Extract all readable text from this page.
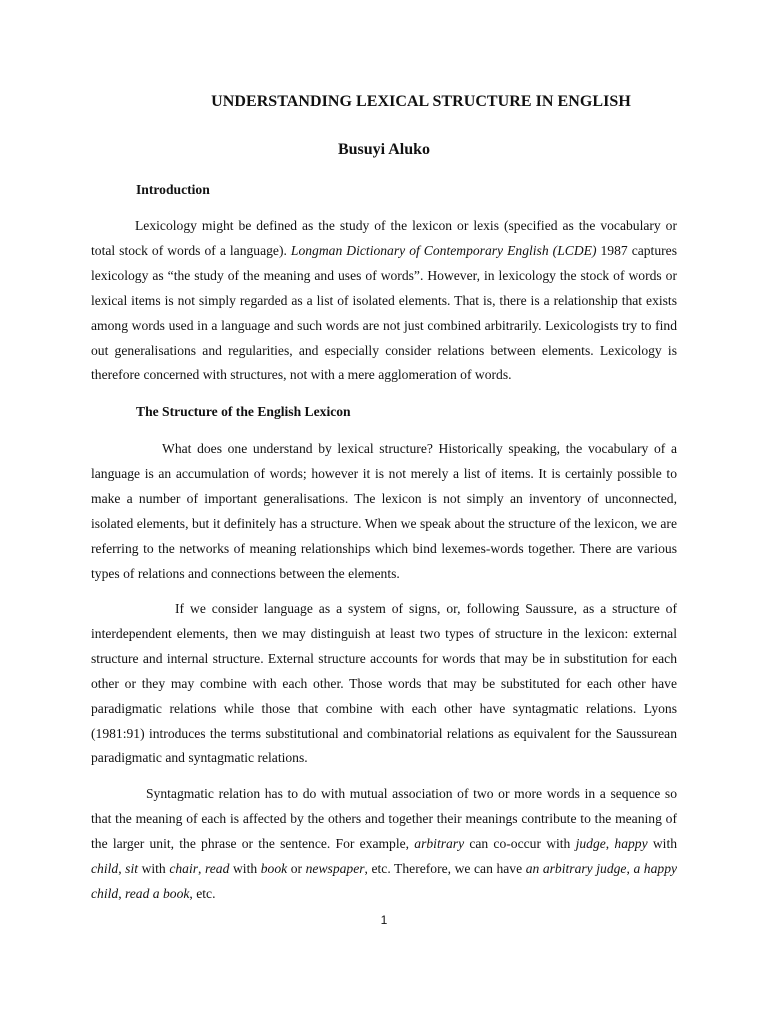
UNDERSTANDING LEXICAL STRUCTURE IN ENGLISH
Busuyi Aluko
Introduction

Lexicology might be defined as the study of the lexicon or lexis (specified as the vocabulary or total stock of words of a language). Longman Dictionary of Contemporary English (LCDE) 1987 captures lexicology as “the study of the meaning and uses of words”. However, in lexicology the stock of words or lexical items is not simply regarded as a list of isolated elements. That is, there is a relationship that exists among words used in a language and such words are not just combined arbitrarily. Lexicologists try to find out generalisations and regularities, and especially consider relations between elements. Lexicology is therefore concerned with structures, not with a mere agglomeration of words.

The Structure of the English Lexicon

What does one understand by lexical structure? Historically speaking, the vocabulary of a language is an accumulation of words; however it is not merely a list of items. It is certainly possible to make a number of important generalisations. The lexicon is not simply an inventory of unconnected, isolated elements, but it definitely has a structure. When we speak about the structure of the lexicon, we are referring to the networks of meaning relationships which bind lexemes-words together. There are various types of relations and connections between the elements.

If we consider language as a system of signs, or, following Saussure, as a structure of interdependent elements, then we may distinguish at least two types of structure in the lexicon: external structure and internal structure. External structure accounts for words that may be in substitution for each other or they may combine with each other. Those words that may be substituted for each other have paradigmatic relations while those that combine with each other have syntagmatic relations. Lyons (1981:91) introduces the terms substitutional and combinatorial relations as equivalent for the Saussurean paradigmatic and syntagmatic relations.

Syntagmatic relation has to do with mutual association of two or more words in a sequence so that the meaning of each is affected by the others and together their meanings contribute to the meaning of the larger unit, the phrase or the sentence. For example, arbitrary can co-occur with judge, happy with child, sit with chair, read with book or newspaper, etc. Therefore, we can have an arbitrary judge, a happy child, read a book, etc.

1
